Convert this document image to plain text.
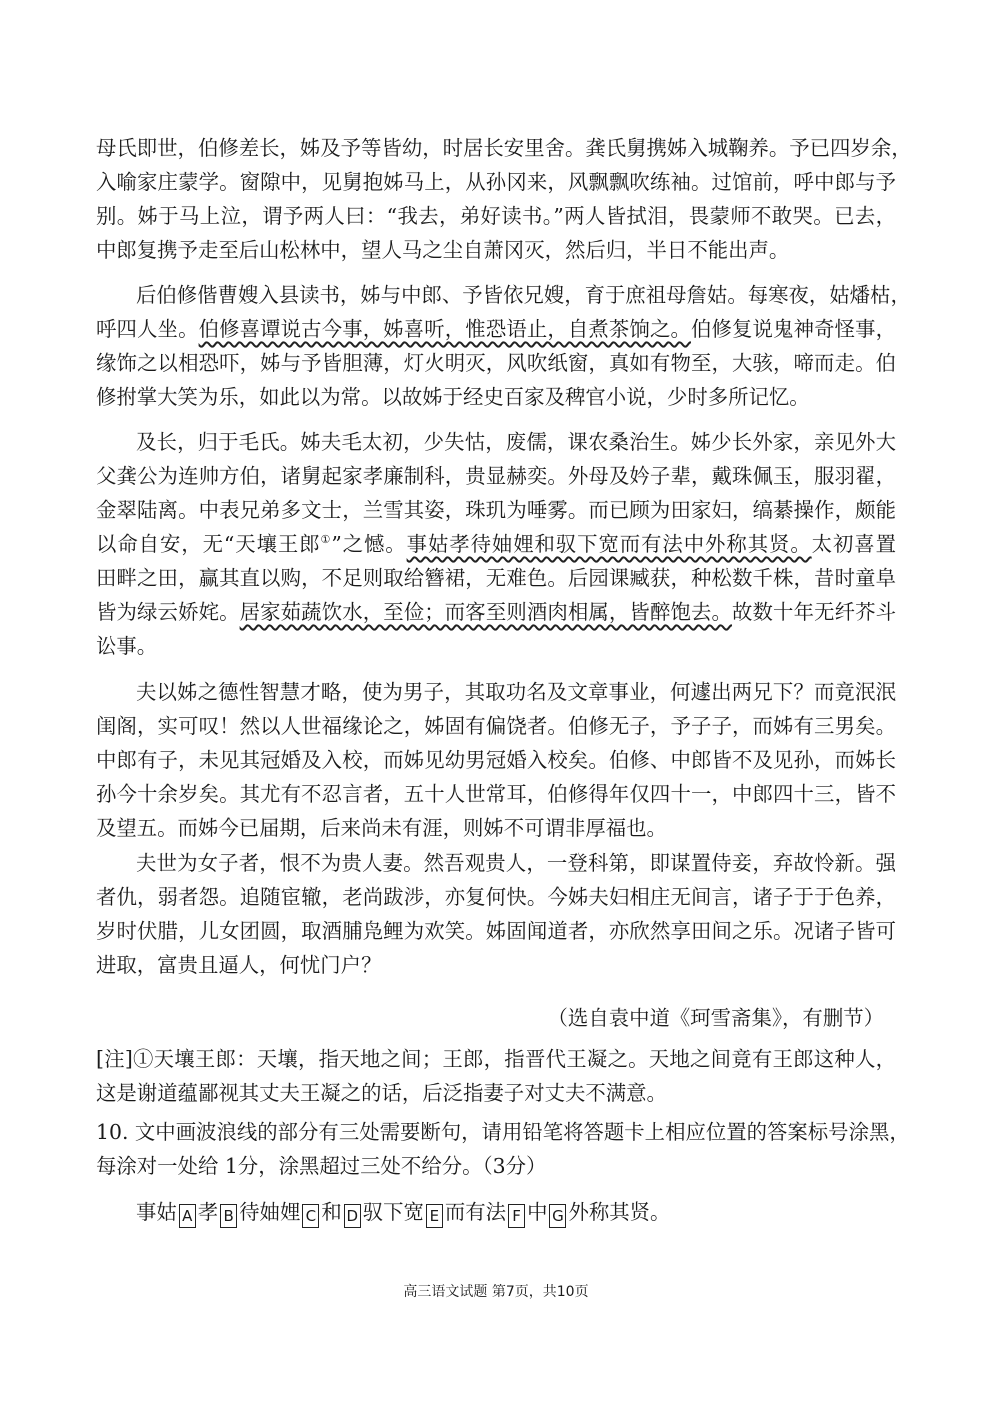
母氏即世，伯修差长，姊及予等皆幼，时居长安里舍。龚氏舅携姊入城鞠养。予已四岁余，
入喻家庄蒙学。窗隙中，见舅抱姊马上，从孙冈来，风飘飘吹练袖。过馆前，呼中郎与予
别。姊于马上泣，谓予两人曰：“我去，弟好读书。”两人皆拭泪，畏蒙师不敢哭。已去，
中郎复携予走至后山松林中，望人马之尘自萧冈灭，然后归，半日不能出声。
后伯修偕曹嫂入县读书，姊与中郎、予皆依兄嫂，育于庶祖母詹姑。每寒夜，姑燔枯，
呼四人坐。伯修喜谭说古今事，姊喜听，惟恐语止，自煮茶饷之。伯修复说鬼神奇怪事，
缘饰之以相恐吓，姊与予皆胆薄，灯火明灭，风吹纸窗，真如有物至，大骇，啼而走。伯
修拊掌大笑为乐，如此以为常。以故姊于经史百家及稗官小说，少时多所记忆。
及长，归于毛氏。姊夫毛太初，少失怙，废儒，课农桑治生。姊少长外家，亲见外大
父龚公为连帅方伯，诸舅起家孝廉制科，贵显赫奕。外母及妗子辈，戴珠佩玉，服羽翟，
金翠陆离。中表兄弟多文士，兰雪其姿，珠玑为唾雾。而已顾为田家妇，缟綦操作，颇能
以命自安，无“天壤王郎①”之憾。事姑孝待妯娌和驭下宽而有法中外称其贤。太初喜置
田畔之田，赢其直以购，不足则取给簪裙，无难色。后园课臧获，种松数千株，昔时童阜
皆为绿云娇姹。居家茹蔬饮水，至俭；而客至则酒肉相属，皆醉饱去。故数十年无纤芥斗
讼事。
夫以姊之德性智慧才略，使为男子，其取功名及文章事业，何遽出两兄下？而竟泯泯
闺阁，实可叹！然以人世福缘论之，姊固有偏饶者。伯修无子，予子子，而姊有三男矣。
中郎有子，未见其冠婚及入校，而姊见幼男冠婚入校矣。伯修、中郎皆不及见孙，而姊长
孙今十余岁矣。其尤有不忍言者，五十人世常耳，伯修得年仅四十一，中郎四十三，皆不
及望五。而姊今已届期，后来尚未有涯，则姊不可谓非厚福也。
夫世为女子者，恨不为贵人妻。然吾观贵人，一登科第，即谋置侍妾，弃故怜新。强
者仇，弱者怨。追随宦辙，老尚跋涉，亦复何快。今姊夫妇相庄无间言，诸子于于色养，
岁时伏腊，儿女团圆，取酒脯凫鲤为欢笑。姊固闻道者，亦欣然享田间之乐。况诸子皆可
进取，富贵且逼人，何忧门户？
（选自袁中道《珂雪斋集》，有删节）
[注]①天壤王郎：天壤，指天地之间；王郎，指晋代王凝之。天地之间竟有王郎这种人，
这是谢道蕴鄙视其丈夫王凝之的话，后泛指妻子对丈夫不满意。
10. 文中画波浪线的部分有三处需要断句，请用铅笔将答题卡上相应位置的答案标号涂黑，
每涂对一处给 1分，涂黑超过三处不给分。（3分）
事姑 A 孝 B 待妯娌 C 和 D 驭下宽 E 而有法 F 中 G 外称其贤。
高三语文试题 第7页，共10页
